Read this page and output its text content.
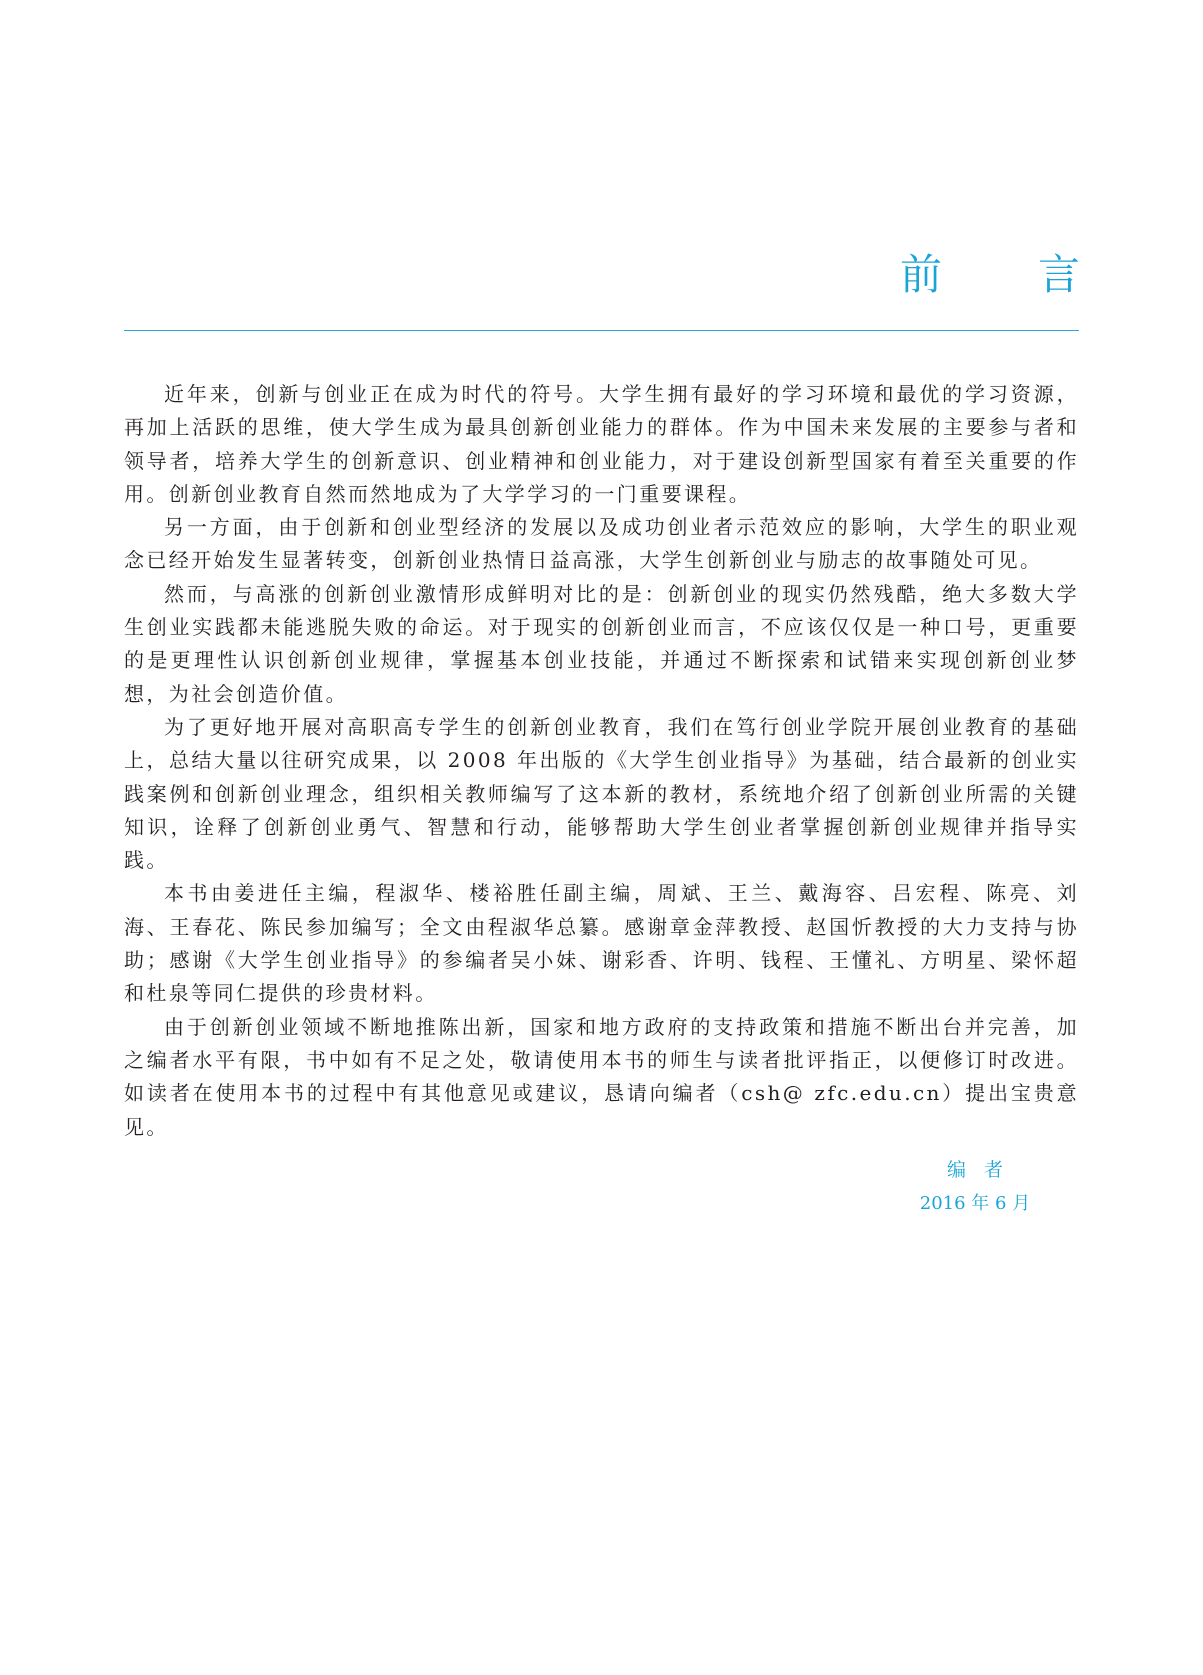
前 言

近年来，创新与创业正在成为时代的符号。大学生拥有最好的学习环境和最优的学习资源，再加上活跃的思维，使大学生成为最具创新创业能力的群体。作为中国未来发展的主要参与者和领导者，培养大学生的创新意识、创业精神和创业能力，对于建设创新型国家有着至关重要的作用。创新创业教育自然而然地成为了大学学习的一门重要课程。

另一方面，由于创新和创业型经济的发展以及成功创业者示范效应的影响，大学生的职业观念已经开始发生显著转变，创新创业热情日益高涨，大学生创新创业与励志的故事随处可见。

然而，与高涨的创新创业激情形成鲜明对比的是：创新创业的现实仍然残酷，绝大多数大学生创业实践都未能逃脱失败的命运。对于现实的创新创业而言，不应该仅仅是一种口号，更重要的是更理性认识创新创业规律，掌握基本创业技能，并通过不断探索和试错来实现创新创业梦想，为社会创造价值。

为了更好地开展对高职高专学生的创新创业教育，我们在笃行创业学院开展创业教育的基础上，总结大量以往研究成果，以 2008 年出版的《大学生创业指导》为基础，结合最新的创业实践案例和创新创业理念，组织相关教师编写了这本新的教材，系统地介绍了创新创业所需的关键知识，诠释了创新创业勇气、智慧和行动，能够帮助大学生创业者掌握创新创业规律并指导实践。

本书由姜进任主编，程淑华、楼裕胜任副主编，周斌、王兰、戴海容、吕宏程、陈亮、刘海、王春花、陈民参加编写；全文由程淑华总纂。感谢章金萍教授、赵国忻教授的大力支持与协助；感谢《大学生创业指导》的参编者吴小妹、谢彩香、许明、钱程、王懂礼、方明星、梁怀超和杜泉等同仁提供的珍贵材料。

由于创新创业领域不断地推陈出新，国家和地方政府的支持政策和措施不断出台并完善，加之编者水平有限，书中如有不足之处，敬请使用本书的师生与读者批评指正，以便修订时改进。如读者在使用本书的过程中有其他意见或建议，恳请向编者（csh@ zfc.edu.cn）提出宝贵意见。

编者
2016 年 6 月
